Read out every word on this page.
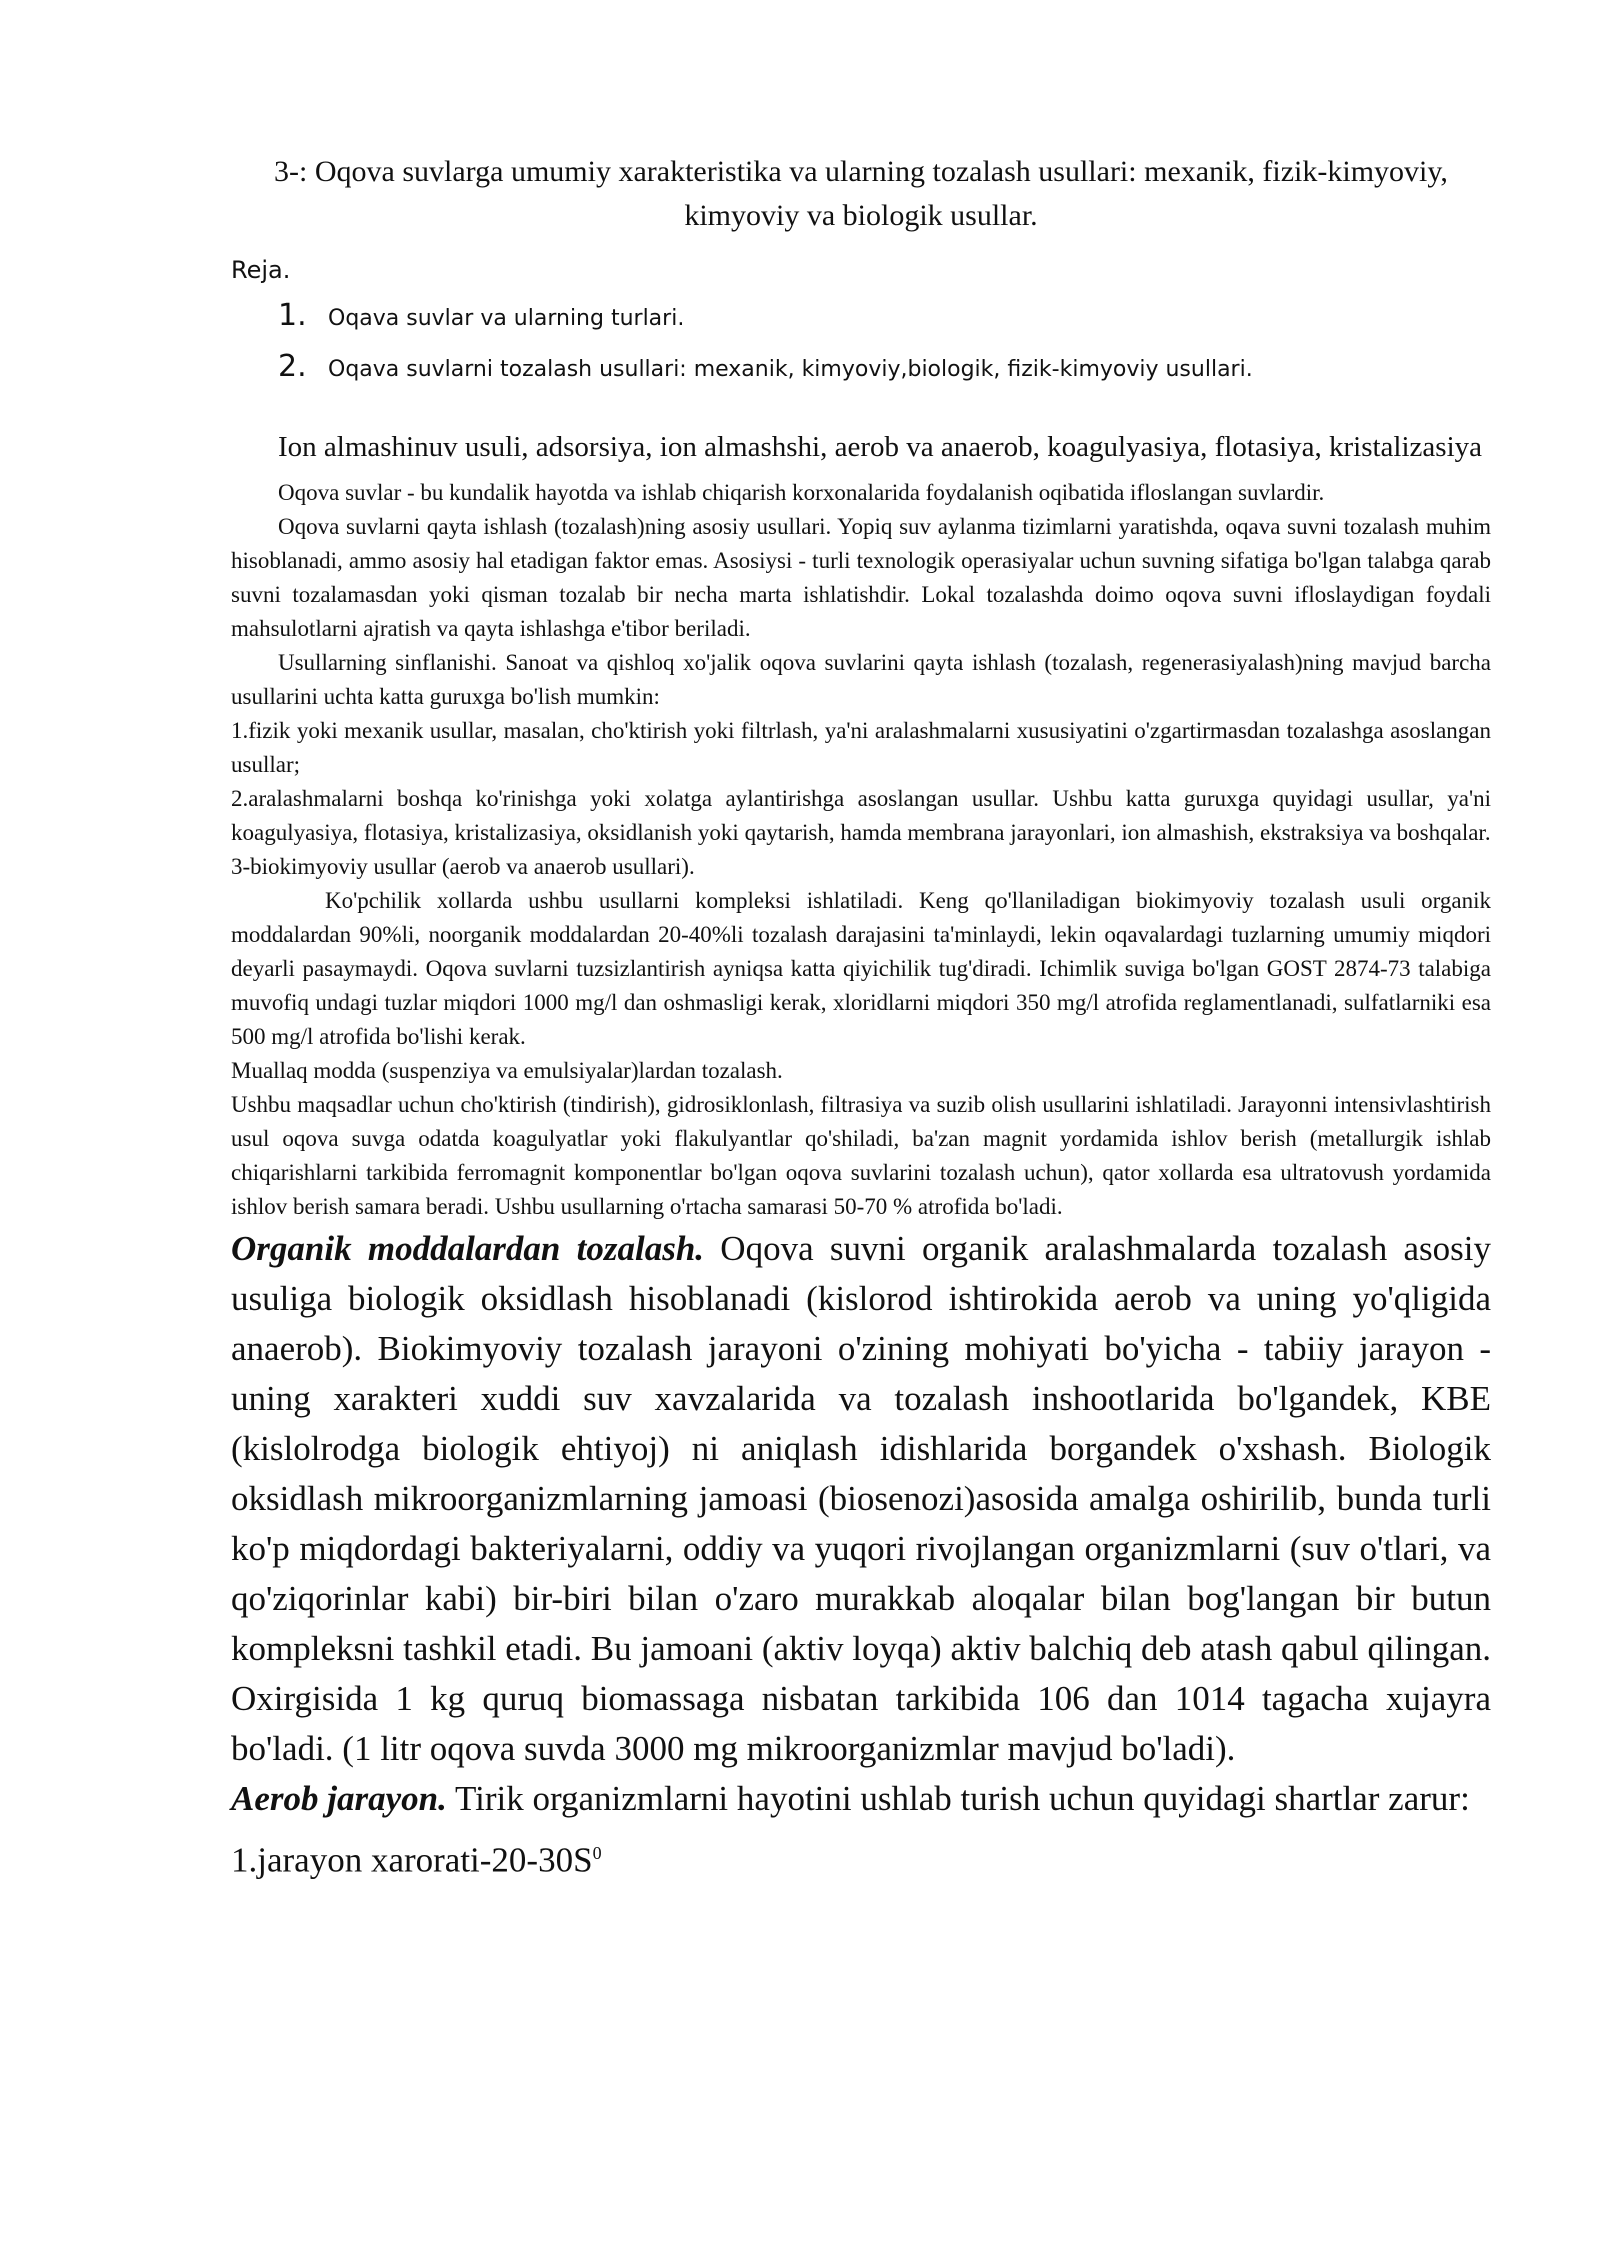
3-: Oqova suvlarga umumiy xarakteristika va ularning tozalash usullari: mexanik, fizik-kimyoviy, kimyoviy va biologik usullar.

Reja.

1. Oqava suvlar va ularning turlari.
2. Oqava suvlarni tozalash usullari: mexanik, kimyoviy,biologik, fizik-kimyoviy usullari.

Ion almashinuv usuli, adsorsiya, ion almashshi, aerob va anaerob, koagulyasiya, flotasiya, kristalizasiya

Oqova suvlar - bu kundalik hayotda va ishlab chiqarish korxonalarida foydalanish oqibatida ifloslangan suvlardir.

Oqova suvlarni qayta ishlash (tozalash)ning asosiy usullari. Yopiq suv aylanma tizimlarni yaratishda, oqava suvni tozalash muhim hisoblanadi, ammo asosiy hal etadigan faktor emas. Asosiysi - turli texnologik operasiyalar uchun suvning sifatiga bo'lgan talabga qarab suvni tozalamasdan yoki qisman tozalab bir necha marta ishlatishdir. Lokal tozalashda doimo oqova suvni ifloslaydigan foydali mahsulotlarni ajratish va qayta ishlashga e'tibor beriladi.

Usullarning sinflanishi. Sanoat va qishloq xo'jalik oqova suvlarini qayta ishlash (tozalash, regenerasiyalash)ning mavjud barcha usullarini uchta katta guruxga bo'lish mumkin:

1.fizik yoki mexanik usullar, masalan, cho'ktirish yoki filtrlash, ya'ni aralashmalarni xususiyatini o'zgartirmasdan tozalashga asoslangan usullar;

2.aralashmalarni boshqa ko'rinishga yoki xolatga aylantirishga asoslangan usullar. Ushbu katta guruxga quyidagi usullar, ya'ni koagulyasiya, flotasiya, kristalizasiya, oksidlanish yoki qaytarish, hamda membrana jarayonlari, ion almashish, ekstraksiya va boshqalar.

3-biokimyoviy usullar (aerob va anaerob usullari).

Ko'pchilik xollarda ushbu usullarni kompleksi ishlatiladi. Keng qo'llaniladigan biokimyoviy tozalash usuli organik moddalardan 90%li, noorganik moddalardan 20-40%li tozalash darajasini ta'minlaydi, lekin oqavalardagi tuzlarning umumiy miqdori deyarli pasaymaydi. Oqova suvlarni tuzsizlantirish ayniqsa katta qiyichilik tug'diradi. Ichimlik suviga bo'lgan GOST 2874-73 talabiga muvofiq undagi tuzlar miqdori 1000 mg/l dan oshmasligi kerak, xloridlarni miqdori 350 mg/l atrofida reglamentlanadi, sulfatlarniki esa 500 mg/l atrofida bo'lishi kerak.

Muallaq modda (suspenziya va emulsiyalar)lardan tozalash.

Ushbu maqsadlar uchun cho'ktirish (tindirish), gidrosiklonlash, filtrasiya va suzib olish usullarini ishlatiladi. Jarayonni intensivlashtirish usul oqova suvga odatda koagulyatlar yoki flakulyantlar qo'shiladi, ba'zan magnit yordamida ishlov berish (metallurgik ishlab chiqarishlarni tarkibida ferromagnit komponentlar bo'lgan oqova suvlarini tozalash uchun), qator xollarda esa ultratovush yordamida ishlov berish samara beradi. Ushbu usullarning o'rtacha samarasi 50-70 % atrofida bo'ladi.

Organik moddalardan tozalash. Oqova suvni organik aralashmalarda tozalash asosiy usuliga biologik oksidlash hisoblanadi (kislorod ishtirokida aerob va uning yo'qligida anaerob). Biokimyoviy tozalash jarayoni o'zining mohiyati bo'yicha - tabiiy jarayon - uning xarakteri xuddi suv xavzalarida va tozalash inshootlarida bo'lgandek, KBE (kislolrodga biologik ehtiyoj) ni aniqlash idishlarida borgandek o'xshash. Biologik oksidlash mikroorganizmlarning jamoasi (biosenozi)asosida amalga oshirilib, bunda turli ko'p miqdordagi bakteriyalarni, oddiy va yuqori rivojlangan organizmlarni (suv o'tlari, va qo'ziqorinlar kabi) bir-biri bilan o'zaro murakkab aloqalar bilan bog'langan bir butun kompleksni tashkil etadi. Bu jamoani (aktiv loyqa) aktiv balchiq deb atash qabul qilingan. Oxirgisida 1 kg quruq biomassaga nisbatan tarkibida 106 dan 1014 tagacha xujayra bo'ladi. (1 litr oqova suvda 3000 mg mikroorganizmlar mavjud bo'ladi).

Aerob jarayon. Tirik organizmlarni hayotini ushlab turish uchun quyidagi shartlar zarur:

1.jarayon xarorati-$20-30S^0$
